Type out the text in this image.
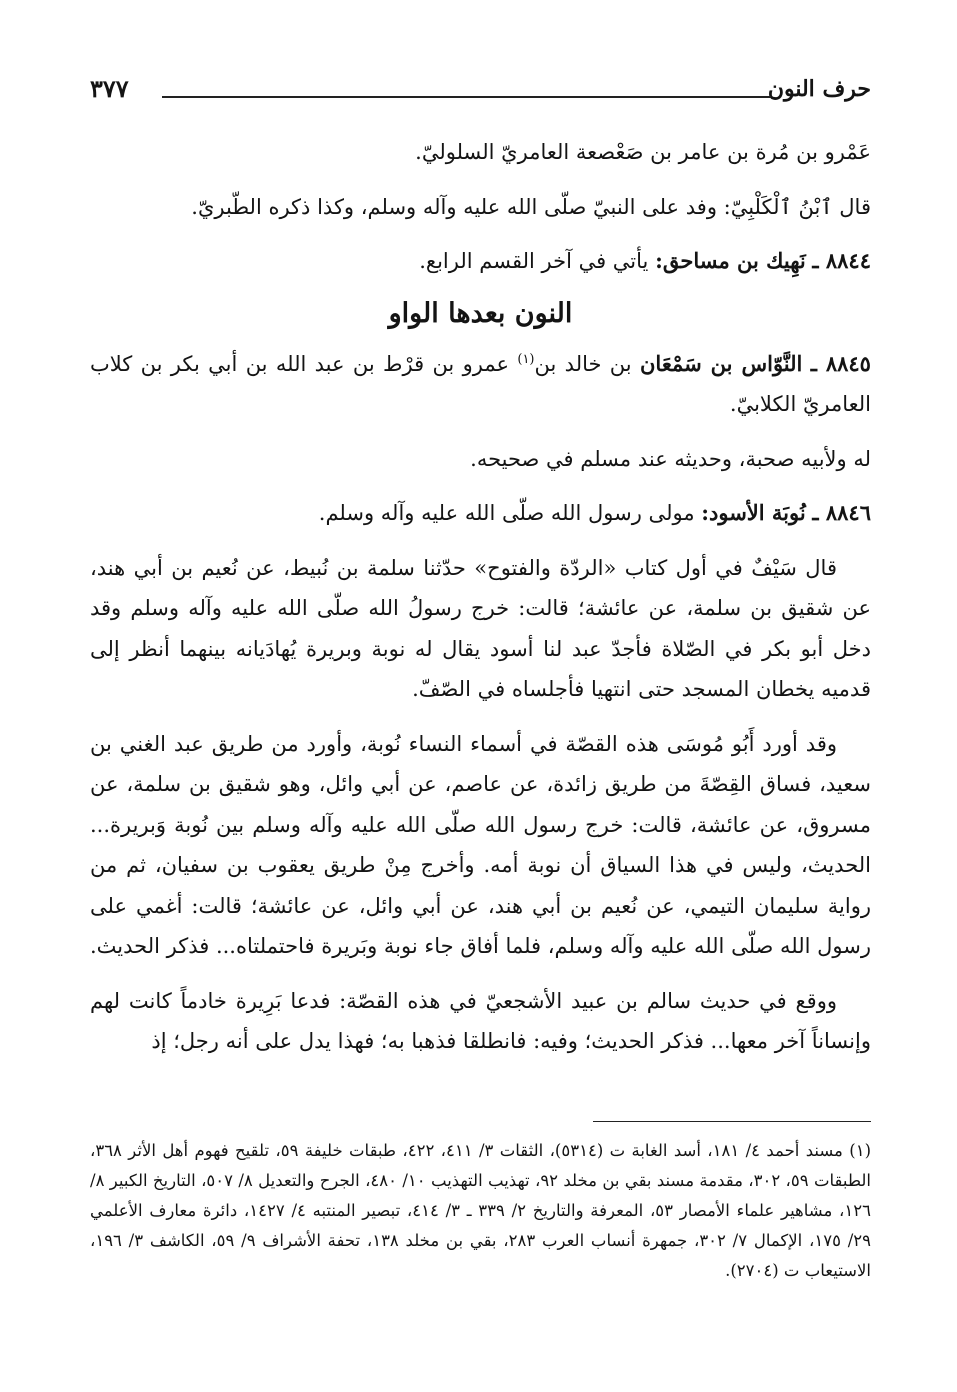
حرف النون
٣٧٧

عَمْرو بن مُرة بن عامر بن صَعْصعة العامريّ السلوليّ.

قال ٱبْنُ ٱلْكَلْبِيّ: وفد على النبيّ صلّى الله عليه وآله وسلم، وكذا ذكره الطّبريّ.

٨٨٤٤ ـ نَهِيك بن مساحق: يأتي في آخر القسم الرابع.

النون بعدها الواو

٨٨٤٥ ـ النَّوّاس بن سَمْعَان بن خالد بن$^{(١)}$ عمرو بن قرْط بن عبد الله بن أبي بكر بن كلاب العامريّ الكلابيّ.

له ولأبيه صحبة، وحديثه عند مسلم في صحيحه.

٨٨٤٦ ـ نُوبَة الأسود: مولى رسول الله صلّى الله عليه وآله وسلم.

قال سَيْفٌ في أول كتاب «الردّة والفتوح» حدّثنا سلمة بن نُبيط، عن نُعيم بن أبي هند، عن شقيق بن سلمة، عن عائشة؛ قالت: خرج رسولُ الله صلّى الله عليه وآله وسلم وقد دخل أبو بكر في الصّلاة فأجدّ عبد لنا أسود يقال له نوبة وبريرة يُهادَيانه بينهما أنظر إلى قدميه يخطان المسجد حتى انتهيا فأجلساه في الصّفّ.

وقد أورد أَبُو مُوسَى هذه القصّة في أسماء النساء نُوبة، وأورد من طريق عبد الغني بن سعيد، فساق القِصّةَ من طريق زائدة، عن عاصم، عن أبي وائل، وهو شقيق بن سلمة، عن مسروق، عن عائشة، قالت: خرج رسول الله صلّى الله عليه وآله وسلم بين نُوبة وَبريرة... الحديث، وليس في هذا السياق أن نوبة أمه. وأخرج مِنْ طريق يعقوب بن سفيان، ثم من رواية سليمان التيمي، عن نُعيم بن أبي هند، عن أبي وائل، عن عائشة؛ قالت: أغمي على رسول الله صلّى الله عليه وآله وسلم، فلما أفاق جاء نوبة وبَريرة فاحتملتاه... فذكر الحديث.

ووقع في حديث سالم بن عبيد الأشجعيّ في هذه القصّة: فدعا بَرِيرة خادماً كانت لهم وإنساناً آخر معها... فذكر الحديث؛ وفيه: فانطلقا فذهبا به؛ فهذا يدل على أنه رجل؛ إذ

(١) مسند أحمد ٤/ ١٨١، أسد الغابة ت (٥٣١٤)، الثقات ٣/ ٤١١، ٤٢٢، طبقات خليفة ٥٩، تلقيح فهوم أهل الأثر ٣٦٨، الطبقات ٥٩، ٣٠٢، مقدمة مسند بقي بن مخلد ٩٢، تهذيب التهذيب ١٠/ ٤٨٠، الجرح والتعديل ٨/ ٥٠٧، التاريخ الكبير ٨/ ١٢٦، مشاهير علماء الأمصار ٥٣، المعرفة والتاريخ ٢/ ٣٣٩ ـ ٣/ ٤١٤، تبصير المنتبه ٤/ ١٤٢٧، دائرة معارف الأعلمي ٢٩/ ١٧٥، الإكمال ٧/ ٣٠٢، جمهرة أنساب العرب ٢٨٣، بقي بن مخلد ١٣٨، تحفة الأشراف ٩/ ٥٩، الكاشف ٣/ ١٩٦، الاستيعاب ت (٢٧٠٤).
